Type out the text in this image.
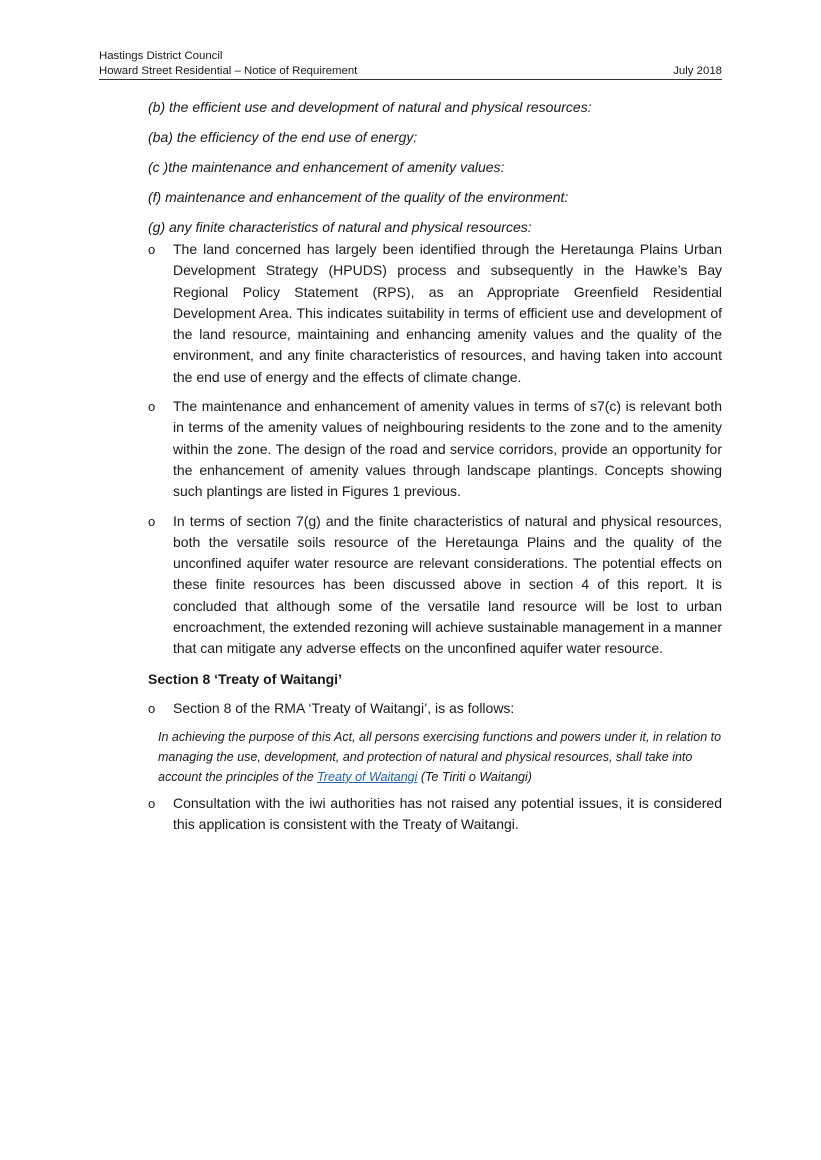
Hastings District Council
Howard Street Residential – Notice of Requirement	July 2018
(b) the efficient use and development of natural and physical resources:
(ba) the efficiency of the end use of energy:
(c )the maintenance and enhancement of amenity values:
(f) maintenance and enhancement of the quality of the environment:
(g) any finite characteristics of natural and physical resources:
o The land concerned has largely been identified through the Heretaunga Plains Urban Development Strategy (HPUDS) process and subsequently in the Hawke’s Bay Regional Policy Statement (RPS), as an Appropriate Greenfield Residential Development Area. This indicates suitability in terms of efficient use and development of the land resource, maintaining and enhancing amenity values and the quality of the environment, and any finite characteristics of resources, and having taken into account the end use of energy and the effects of climate change.
o The maintenance and enhancement of amenity values in terms of s7(c) is relevant both in terms of the amenity values of neighbouring residents to the zone and to the amenity within the zone. The design of the road and service corridors, provide an opportunity for the enhancement of amenity values through landscape plantings. Concepts showing such plantings are listed in Figures 1 previous.
o In terms of section 7(g) and the finite characteristics of natural and physical resources, both the versatile soils resource of the Heretaunga Plains and the quality of the unconfined aquifer water resource are relevant considerations. The potential effects on these finite resources has been discussed above in section 4 of this report. It is concluded that although some of the versatile land resource will be lost to urban encroachment, the extended rezoning will achieve sustainable management in a manner that can mitigate any adverse effects on the unconfined aquifer water resource.
Section 8 ‘Treaty of Waitangi’
o Section 8 of the RMA ‘Treaty of Waitangi’, is as follows:
In achieving the purpose of this Act, all persons exercising functions and powers under it, in relation to managing the use, development, and protection of natural and physical resources, shall take into account the principles of the Treaty of Waitangi (Te Tiriti o Waitangi)
o Consultation with the iwi authorities has not raised any potential issues, it is considered this application is consistent with the Treaty of Waitangi.
